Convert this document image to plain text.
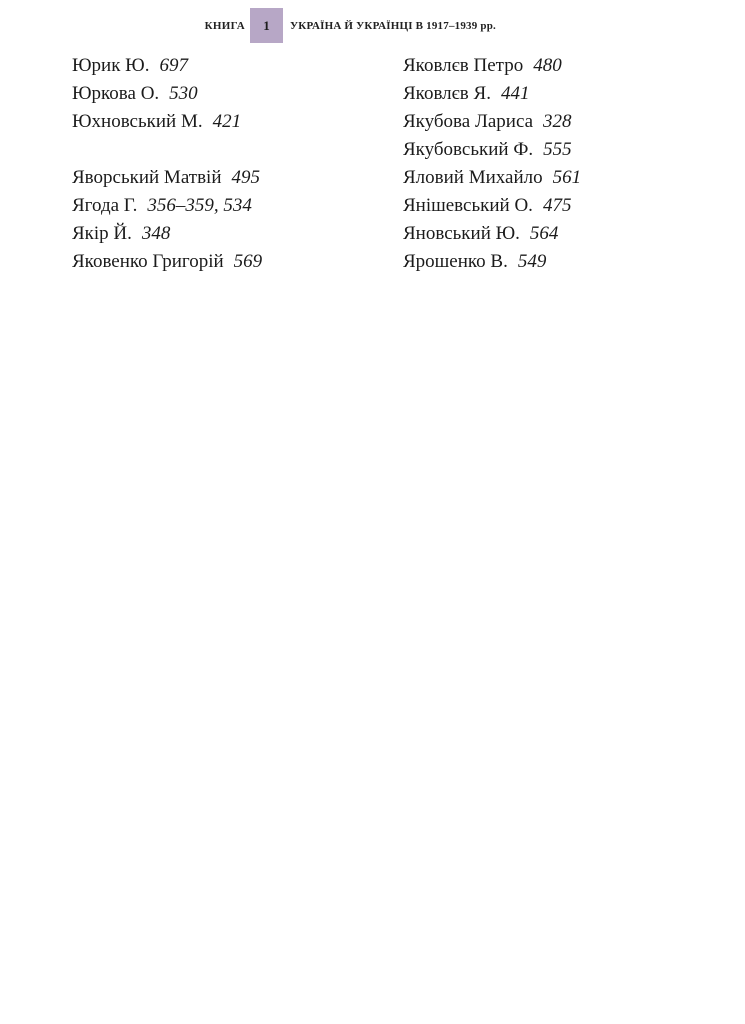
КНИГА	1	УКРАЇНА Й УКРАЇНЦІ В 1917–1939 рр.
Юрик Ю. 697
Юркова О. 530
Юхновський М. 421
Яворський Матвій 495
Ягода Г. 356–359, 534
Якір Й. 348
Яковенко Григорій 569
Яковлєв Петро 480
Яковлєв Я. 441
Якубова Лариса 328
Якубовський Ф. 555
Яловий Михайло 561
Янішевський О. 475
Яновський Ю. 564
Ярошенко В. 549
